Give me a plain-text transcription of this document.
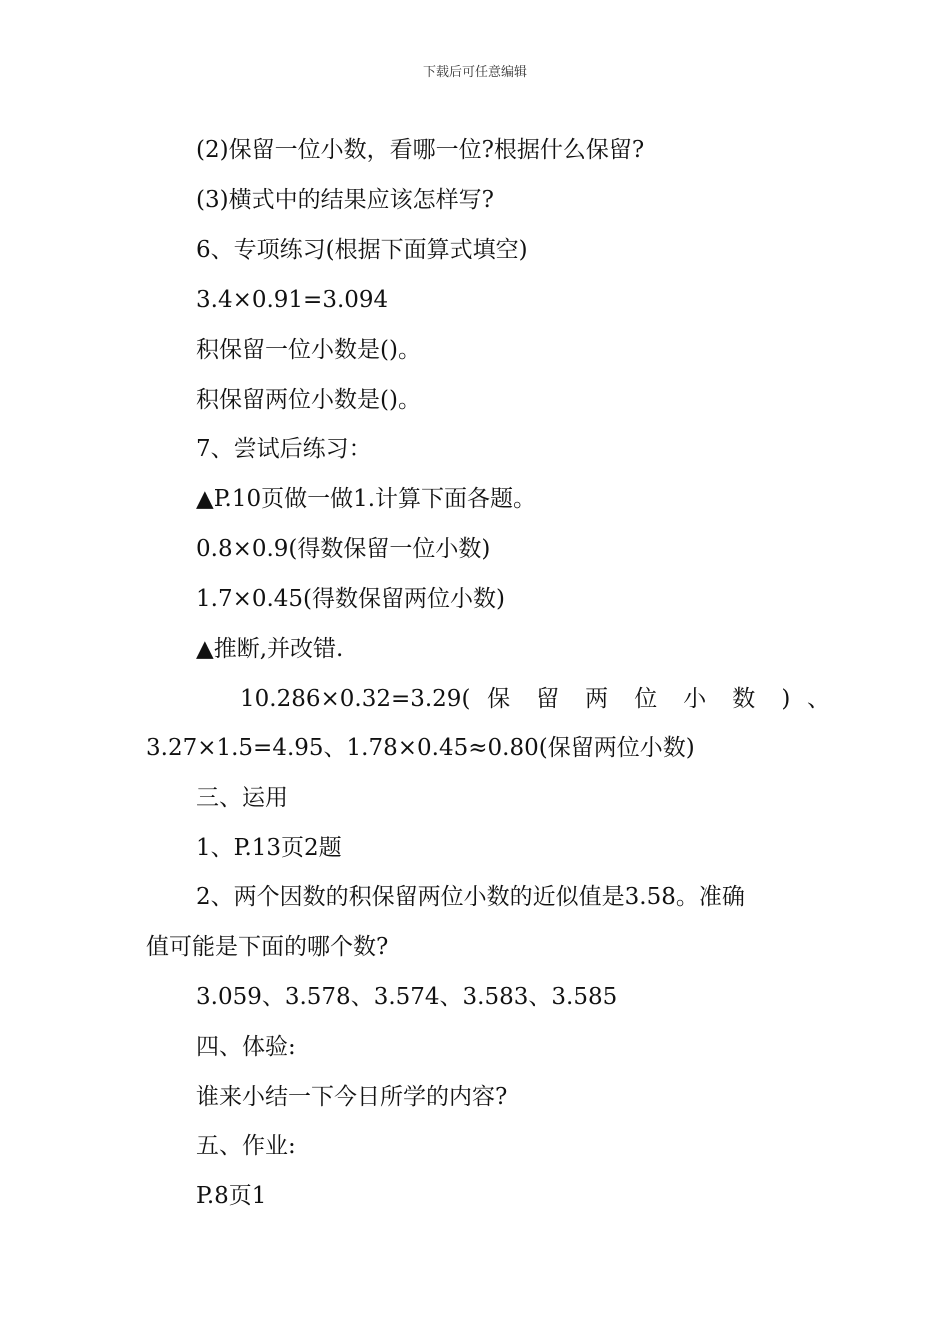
下载后可任意编辑
(2)保留一位小数，看哪一位?根据什么保留?
(3)横式中的结果应该怎样写?
6、专项练习(根据下面算式填空)
3.4×0.91=3.094
积保留一位小数是()。
积保留两位小数是()。
7、尝试后练习：
▲P.10页做一做1.计算下面各题。
0.8×0.9(得数保留一位小数)
1.7×0.45(得数保留两位小数)
▲推断,并改错.
10.286×0.32=3.29( 保 留 两 位 小 数 ) 、
3.27×1.5=4.95、1.78×0.45≈0.80(保留两位小数)
三、运用
1、P.13页2题
2、两个因数的积保留两位小数的近似值是3.58。准确
值可能是下面的哪个数?
3.059、3.578、3.574、3.583、3.585
四、体验:
谁来小结一下今日所学的内容?
五、作业:
P.8页1
